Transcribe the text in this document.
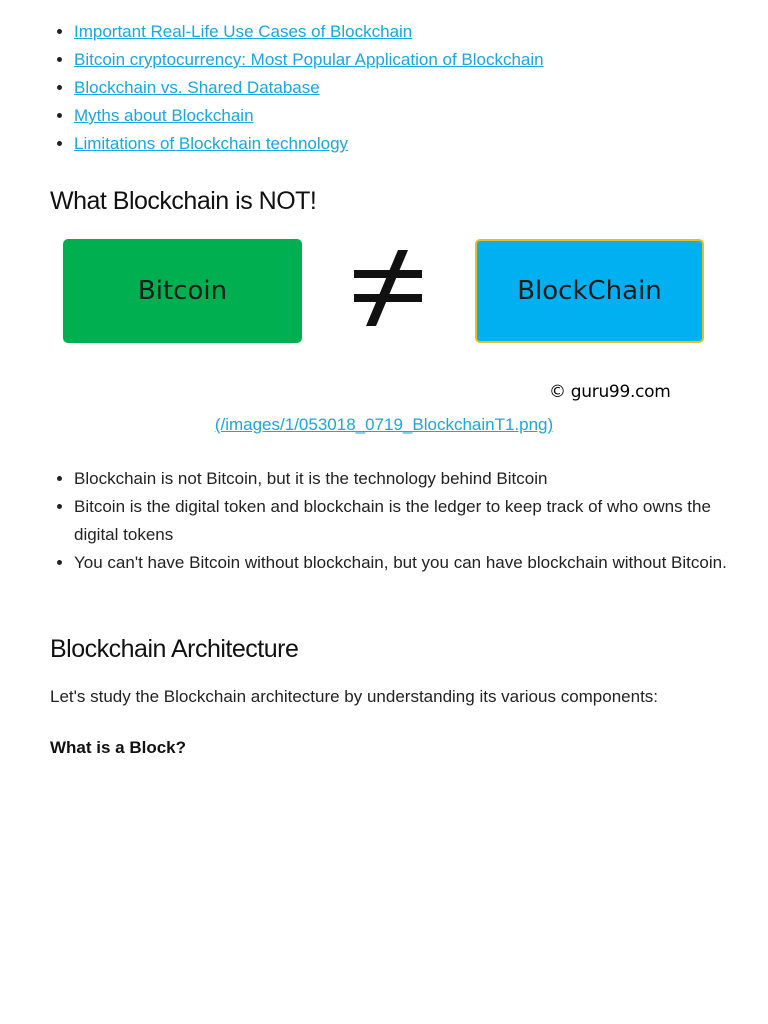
• Important Real-Life Use Cases of Blockchain
• Bitcoin cryptocurrency: Most Popular Application of Blockchain
• Blockchain vs. Shared Database
• Myths about Blockchain
• Limitations of Blockchain technology
What Blockchain is NOT!
Bitcoin	BlockChain
© guru99.com
(/images/1/053018_0719_BlockchainT1.png)
• Blockchain is not Bitcoin, but it is the technology behind Bitcoin
• Bitcoin is the digital token and blockchain is the ledger to keep track of who owns the digital tokens
• You can't have Bitcoin without blockchain, but you can have blockchain without Bitcoin.
Blockchain Architecture

Let's study the Blockchain architecture by understanding its various components:

What is a Block?
